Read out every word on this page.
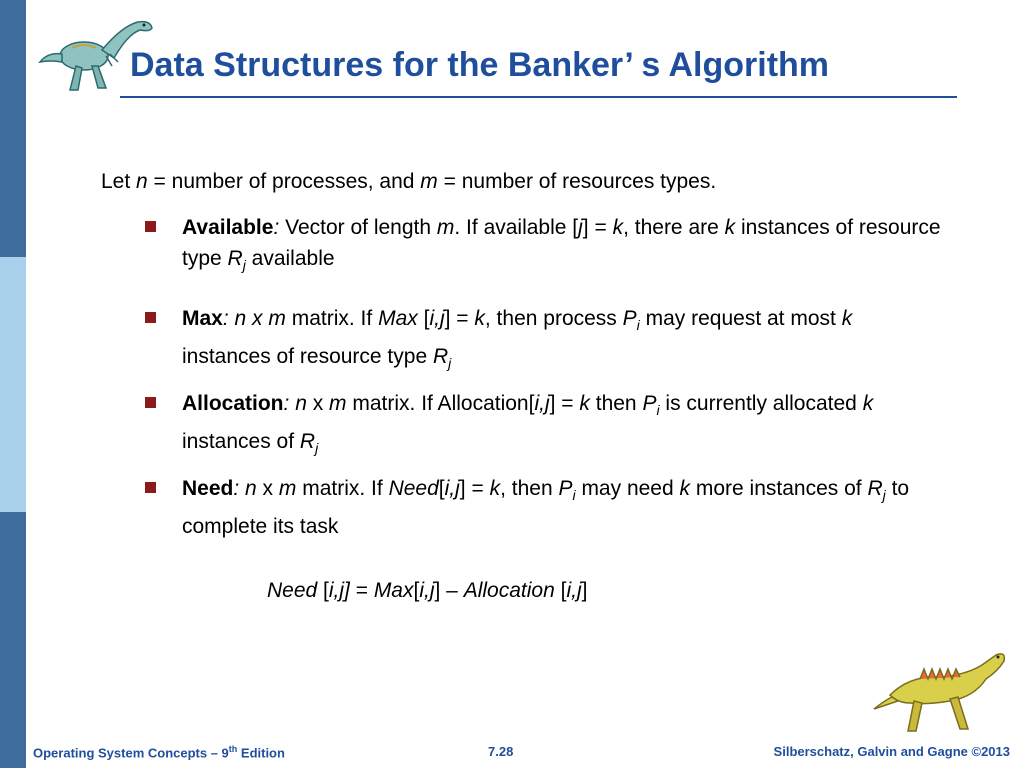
Data Structures for the Banker’ s Algorithm
Let n = number of processes, and m = number of resources types.
Available: Vector of length m. If available [j] = k, there are k instances of resource type $R_j$ available
Max: n x m matrix. If Max [i,j] = k, then process $P_i$ may request at most k instances of resource type $R_j$
Allocation: n x m matrix. If Allocation[i,j] = k then $P_i$ is currently allocated k instances of $R_j$
Need: n x m matrix. If Need[i,j] = k, then $P_i$ may need k more instances of $R_j$ to complete its task
Need [i,j] = Max[i,j] – Allocation [i,j]
Operating System Concepts – 9th Edition	7.28	Silberschatz, Galvin and Gagne ©2013
